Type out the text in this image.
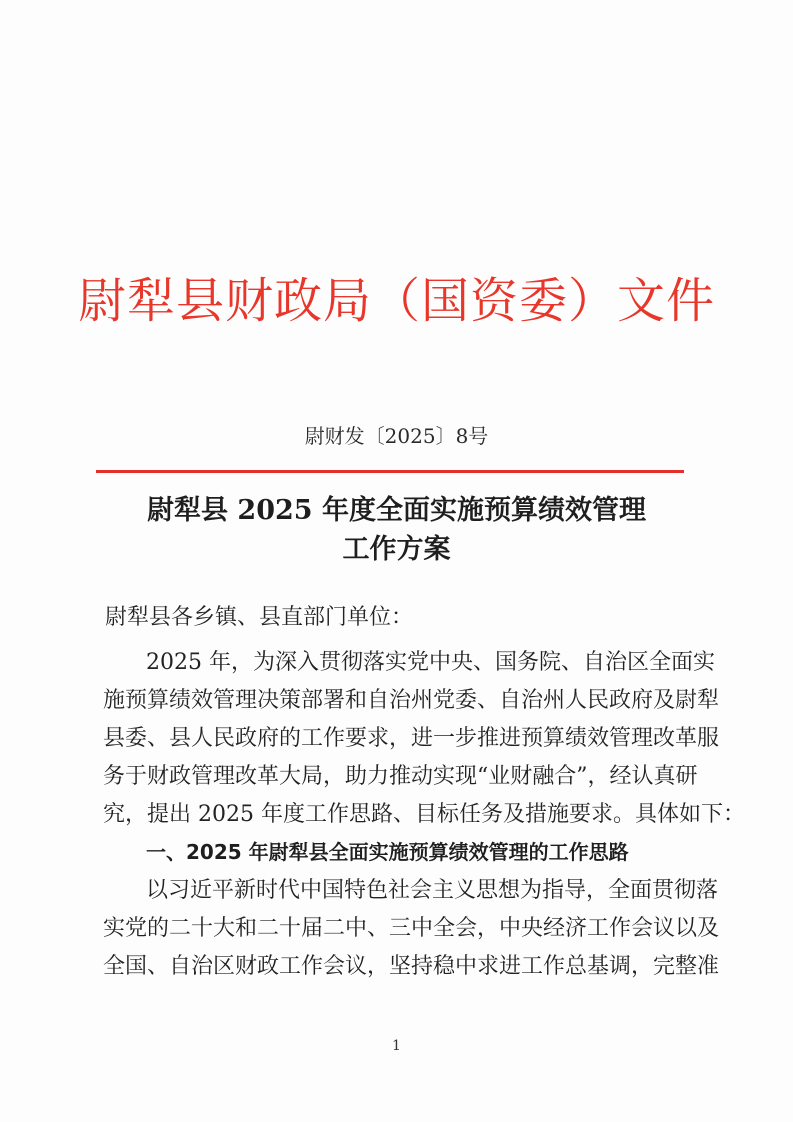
尉犁县财政局（国资委）文件
尉财发〔2025〕8号
尉犁县 2025 年度全面实施预算绩效管理
工作方案
尉犁县各乡镇、县直部门单位：
2025 年，为深入贯彻落实党中央、国务院、自治区全面实
施预算绩效管理决策部署和自治州党委、自治州人民政府及尉犁
县委、县人民政府的工作要求，进一步推进预算绩效管理改革服
务于财政管理改革大局，助力推动实现“业财融合”，经认真研
究，提出 2025 年度工作思路、目标任务及措施要求。具体如下：
一、2025 年尉犁县全面实施预算绩效管理的工作思路
以习近平新时代中国特色社会主义思想为指导，全面贯彻落
实党的二十大和二十届二中、三中全会，中央经济工作会议以及
全国、自治区财政工作会议，坚持稳中求进工作总基调，完整准
1
